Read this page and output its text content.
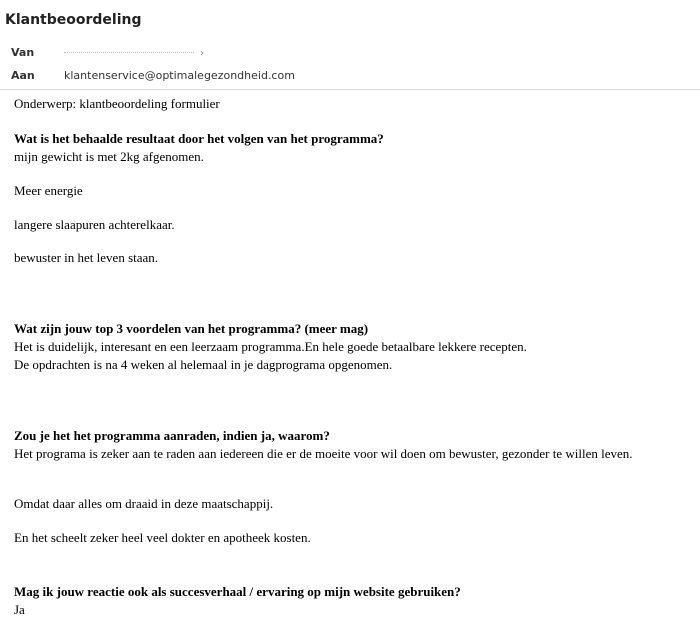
Klantbeoordeling
Van	›
Aan	klantenservice@optimalegezondheid.com

Onderwerp: klantbeoordeling formulier

Wat is het behaalde resultaat door het volgen van het programma?

mijn gewicht is met 2kg afgenomen.

Meer energie

langere slaapuren achterelkaar.

bewuster in het leven staan.

Wat zijn jouw top 3 voordelen van het programma? (meer mag)

Het is duidelijk, interesant en een leerzaam programma.En hele goede betaalbare lekkere recepten.

De opdrachten is na 4 weken al helemaal in je dagprograma opgenomen.

Zou je het het programma aanraden, indien ja, waarom?

Het programa is zeker aan te raden aan iedereen die er de moeite voor wil doen om bewuster, gezonder te willen leven.

Omdat daar alles om draaid in deze maatschappij.

En het scheelt zeker heel veel dokter en apotheek kosten.

Mag ik jouw reactie ook als succesverhaal / ervaring op mijn website gebruiken?

Ja
